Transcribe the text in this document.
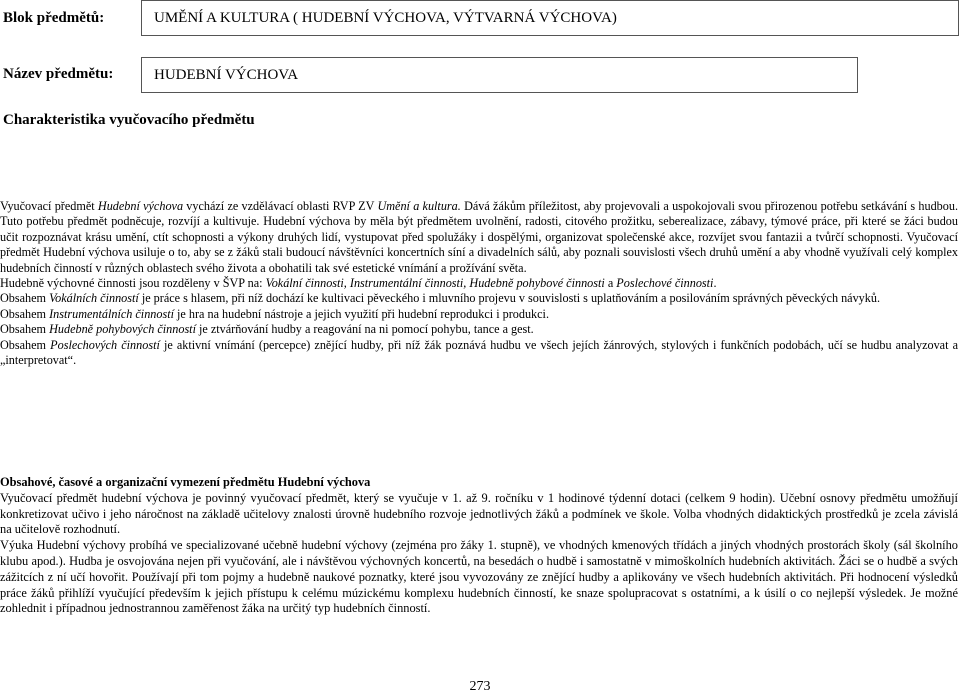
Blok předmětů:	UMĚNÍ A KULTURA ( HUDEBNÍ VÝCHOVA, VÝTVARNÁ VÝCHOVA)
Název předmětu:	HUDEBNÍ VÝCHOVA
Charakteristika vyučovacího předmětu

Vyučovací předmět Hudební výchova vychází ze vzdělávací oblasti RVP ZV Umění a kultura. Dává žákům příležitost, aby projevovali a uspokojovali svou přirozenou potřebu setkávání s hudbou. Tuto potřebu předmět podněcuje, rozvíjí a kultivuje. Hudební výchova by měla být předmětem uvolnění, radosti, citového prožitku, seberealizace, zábavy, týmové práce, při které se žáci budou učit rozpoznávat krásu umění, ctít schopnosti a výkony druhých lidí, vystupovat před spolužáky i dospělými, organizovat společenské akce, rozvíjet svou fantazii a tvůrčí schopnosti. Vyučovací předmět Hudební výchova usiluje o to, aby se z žáků stali budoucí návštěvníci koncertních síní a divadelních sálů, aby poznali souvislosti všech druhů umění a aby vhodně využívali celý komplex hudebních činností v různých oblastech svého života a obohatili tak své estetické vnímání a prožívání světa.

Hudebně výchovné činnosti jsou rozděleny v ŠVP na: Vokální činnosti, Instrumentální činnosti, Hudebně pohybové činnosti a Poslechové činnosti.

Obsahem Vokálních činností je práce s hlasem, při níž dochází ke kultivaci pěveckého i mluvního projevu v souvislosti s uplatňováním a posilováním správných pěveckých návyků.

Obsahem Instrumentálních činností je hra na hudební nástroje a jejich využití při hudební reprodukci i produkci.

Obsahem Hudebně pohybových činností je ztvárňování hudby a reagování na ni pomocí pohybu, tance a gest.

Obsahem Poslechových činností je aktivní vnímání (percepce) znějící hudby, při níž žák poznává hudbu ve všech jejích žánrových, stylových i funkčních podobách, učí se hudbu analyzovat a „interpretovat“.

Obsahové, časové a organizační vymezení předmětu Hudební výchova

Vyučovací předmět hudební výchova je povinný vyučovací předmět, který se vyučuje v 1. až 9. ročníku v 1 hodinové týdenní dotaci (celkem 9 hodin). Učební osnovy předmětu umožňují konkretizovat učivo i jeho náročnost na základě učitelovy znalosti úrovně hudebního rozvoje jednotlivých žáků a podmínek ve škole. Volba vhodných didaktických prostředků je zcela závislá na učitelově rozhodnutí.

Výuka Hudební výchovy probíhá ve specializované učebně hudební výchovy (zejména pro žáky 1. stupně), ve vhodných kmenových třídách a jiných vhodných prostorách školy (sál školního klubu apod.). Hudba je osvojována nejen při vyučování, ale i návštěvou výchovných koncertů, na besedách o hudbě i samostatně v mimoškolních hudebních aktivitách. Žáci se o hudbě a svých zážitcích z ní učí hovořit. Používají při tom pojmy a hudebně naukové poznatky, které jsou vyvozovány ze znějící hudby a aplikovány ve všech hudebních aktivitách. Při hodnocení výsledků práce žáků přihlíží vyučující především k jejich přístupu k celému múzickému komplexu hudebních činností, ke snaze spolupracovat s ostatními, a k úsilí o co nejlepší výsledek. Je možné zohlednit i případnou jednostrannou zaměřenost žáka na určitý typ hudebních činností.

273
